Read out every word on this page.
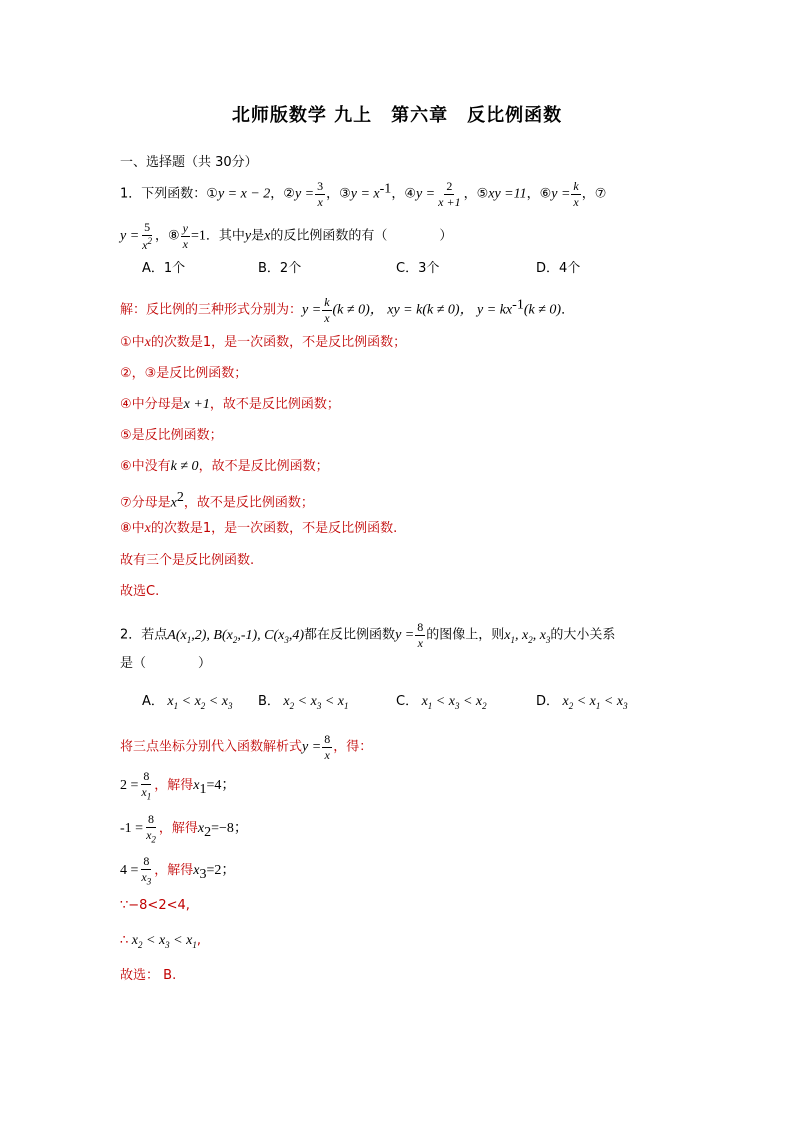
北师版数学 九上　第六章　反比例函数
一、选择题（共 30分）
1．下列函数：①y = x − 2，②y = $\frac{3}{x}$ ，③y = $x^{-1}$，④y = $\frac{2}{x +1}$ ，⑤xy =11，⑥y = $\frac{k}{x}$ ，⑦
$y = \frac{5}{x^2}$ ，⑧ $\frac{y}{x} =1$．其中y是x的反比例函数的有（　　　　）
A．1个	B．2个	C．3个	D．4个
解：反比例的三种形式分别为：$y = \frac{k}{x} (k \ne 0)$， xy = k(k ≠ 0)， $y = kx^{-1}(k \ne 0)$．
①中x的次数是1，是一次函数，不是反比例函数；
②，③是反比例函数；
④中分母是x +1，故不是反比例函数；
⑤是反比例函数；
⑥中没有k ≠ 0，故不是反比例函数；
⑦分母是$x^2$，故不是反比例函数；
⑧中x的次数是1，是一次函数，不是反比例函数.
故有三个是反比例函数.
故选C.
2．若点$A(x_1,2)$, $B(x_2,-1)$, $C(x_3,4)$都在反比例函数$y = \frac{8}{x}$ 的图像上，则$x_1$, $x_2$, $x_3$的大小关系
是（　　　　）
A． $x_1 < x_2 < x_3$ B． $x_2 < x_3 < x_1$	C． $x_1 < x_3 < x_2$	D． $x_2 < x_1 < x_3$
将三点坐标分别代入函数解析式$y = \frac{8}{x}$ ，得：
$2 = \frac{8}{x_1}$ ，解得$x_1=4$；
$-1 = \frac{8}{x_2}$ ，解得$x_2=-8$；
$4 = \frac{8}{x_3}$ ，解得$x_3=2$；
∵−8<2<4,
∴ $x_2 < x_3 < x_1$,
故选： B.
